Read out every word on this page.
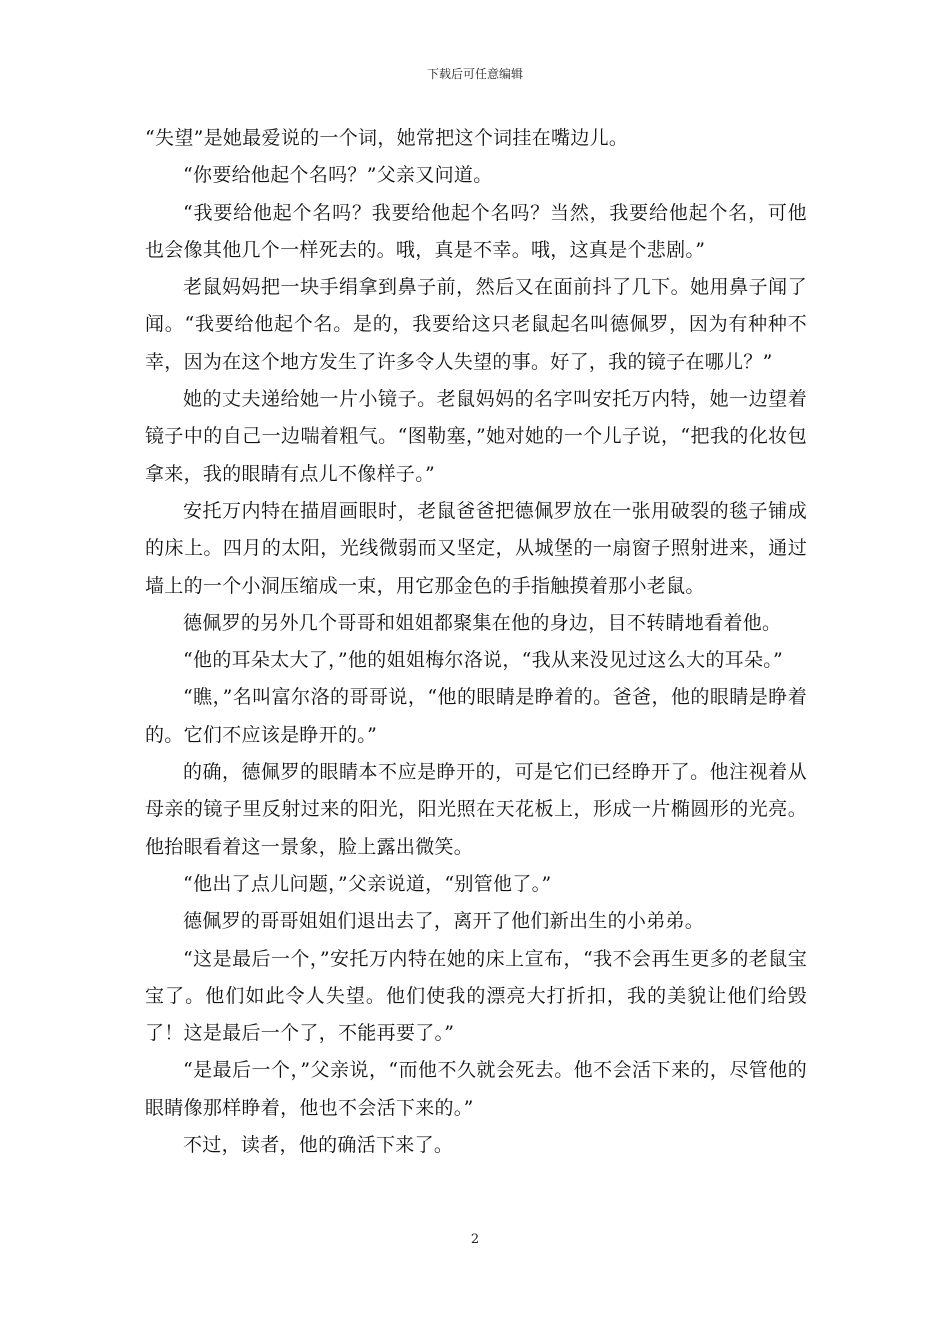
下载后可任意编辑

“失望”是她最爱说的一个词，她常把这个词挂在嘴边儿。

“你要给他起个名吗？”父亲又问道。

“我要给他起个名吗？我要给他起个名吗？当然，我要给他起个名，可他也会像其他几个一样死去的。哦，真是不幸。哦，这真是个悲剧。”

老鼠妈妈把一块手绢拿到鼻子前，然后又在面前抖了几下。她用鼻子闻了闻。“我要给他起个名。是的，我要给这只老鼠起名叫德佩罗，因为有种种不幸，因为在这个地方发生了许多令人失望的事。好了，我的镜子在哪儿？”

她的丈夫递给她一片小镜子。老鼠妈妈的名字叫安托万内特，她一边望着镜子中的自己一边喘着粗气。“图勒塞，”她对她的一个儿子说，“把我的化妆包拿来，我的眼睛有点儿不像样子。”

安托万内特在描眉画眼时，老鼠爸爸把德佩罗放在一张用破裂的毯子铺成的床上。四月的太阳，光线微弱而又坚定，从城堡的一扇窗子照射进来，通过墙上的一个小洞压缩成一束，用它那金色的手指触摸着那小老鼠。

德佩罗的另外几个哥哥和姐姐都聚集在他的身边，目不转睛地看着他。

“他的耳朵太大了，”他的姐姐梅尔洛说，“我从来没见过这么大的耳朵。”

“瞧，”名叫富尔洛的哥哥说，“他的眼睛是睁着的。爸爸，他的眼睛是睁着的。它们不应该是睁开的。”

的确，德佩罗的眼睛本不应是睁开的，可是它们已经睁开了。他注视着从母亲的镜子里反射过来的阳光，阳光照在天花板上，形成一片椭圆形的光亮。他抬眼看着这一景象，脸上露出微笑。

“他出了点儿问题，”父亲说道，“别管他了。”

德佩罗的哥哥姐姐们退出去了，离开了他们新出生的小弟弟。

“这是最后一个，”安托万内特在她的床上宣布，“我不会再生更多的老鼠宝宝了。他们如此令人失望。他们使我的漂亮大打折扣，我的美貌让他们给毁了！这是最后一个了，不能再要了。”

“是最后一个，”父亲说，“而他不久就会死去。他不会活下来的，尽管他的眼睛像那样睁着，他也不会活下来的。”

不过，读者，他的确活下来了。

2
